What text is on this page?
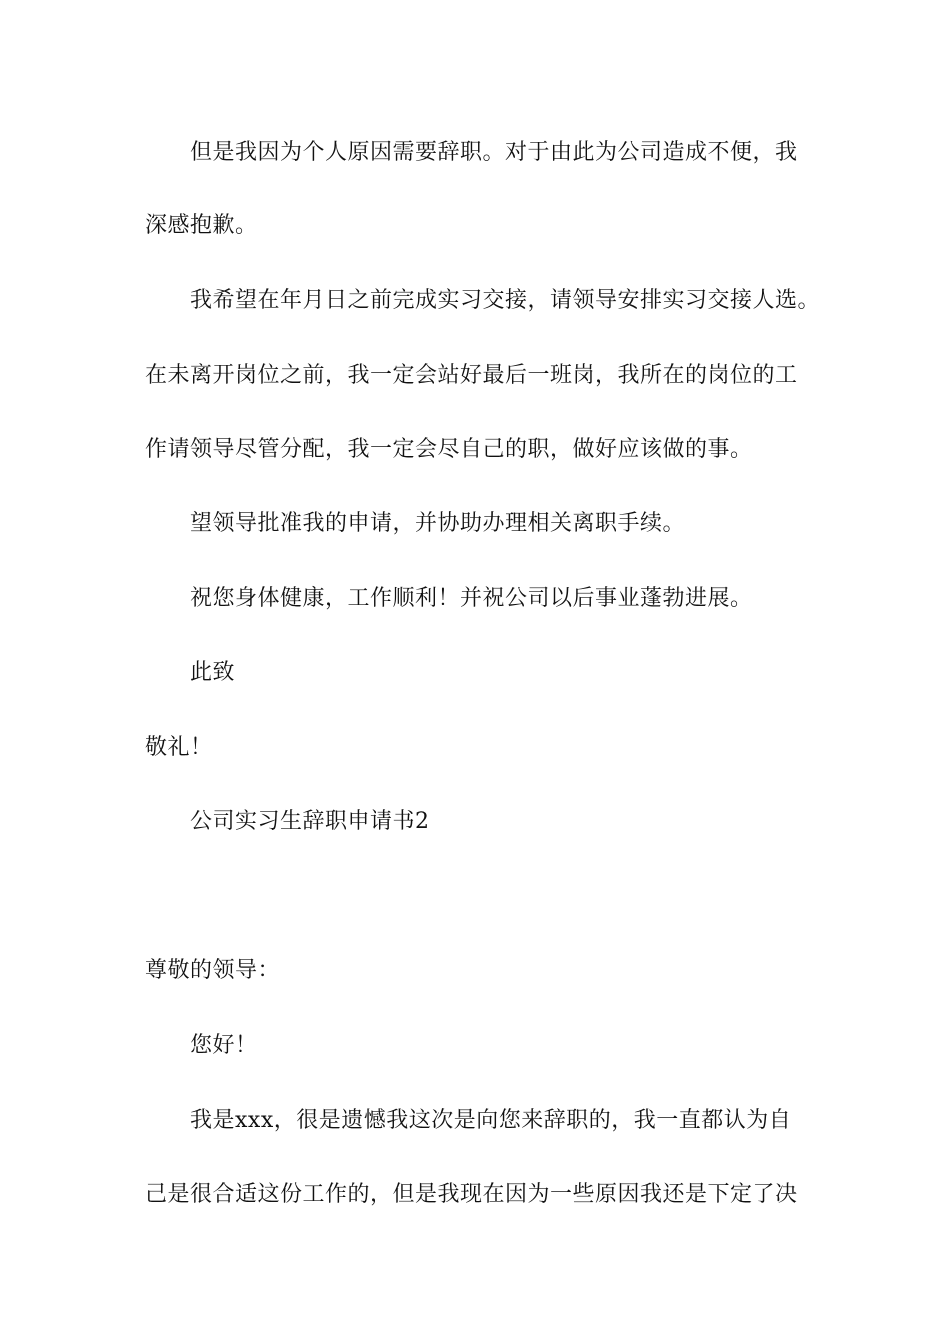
但是我因为个人原因需要辞职。对于由此为公司造成不便，我
深感抱歉。
我希望在年月日之前完成实习交接，请领导安排实习交接人选。
在未离开岗位之前，我一定会站好最后一班岗，我所在的岗位的工
作请领导尽管分配，我一定会尽自己的职，做好应该做的事。
望领导批准我的申请，并协助办理相关离职手续。
祝您身体健康，工作顺利！并祝公司以后事业蓬勃进展。
此致
敬礼！
公司实习生辞职申请书2
尊敬的领导：
您好！
我是xxx，很是遗憾我这次是向您来辞职的，我一直都认为自
己是很合适这份工作的，但是我现在因为一些原因我还是下定了决
